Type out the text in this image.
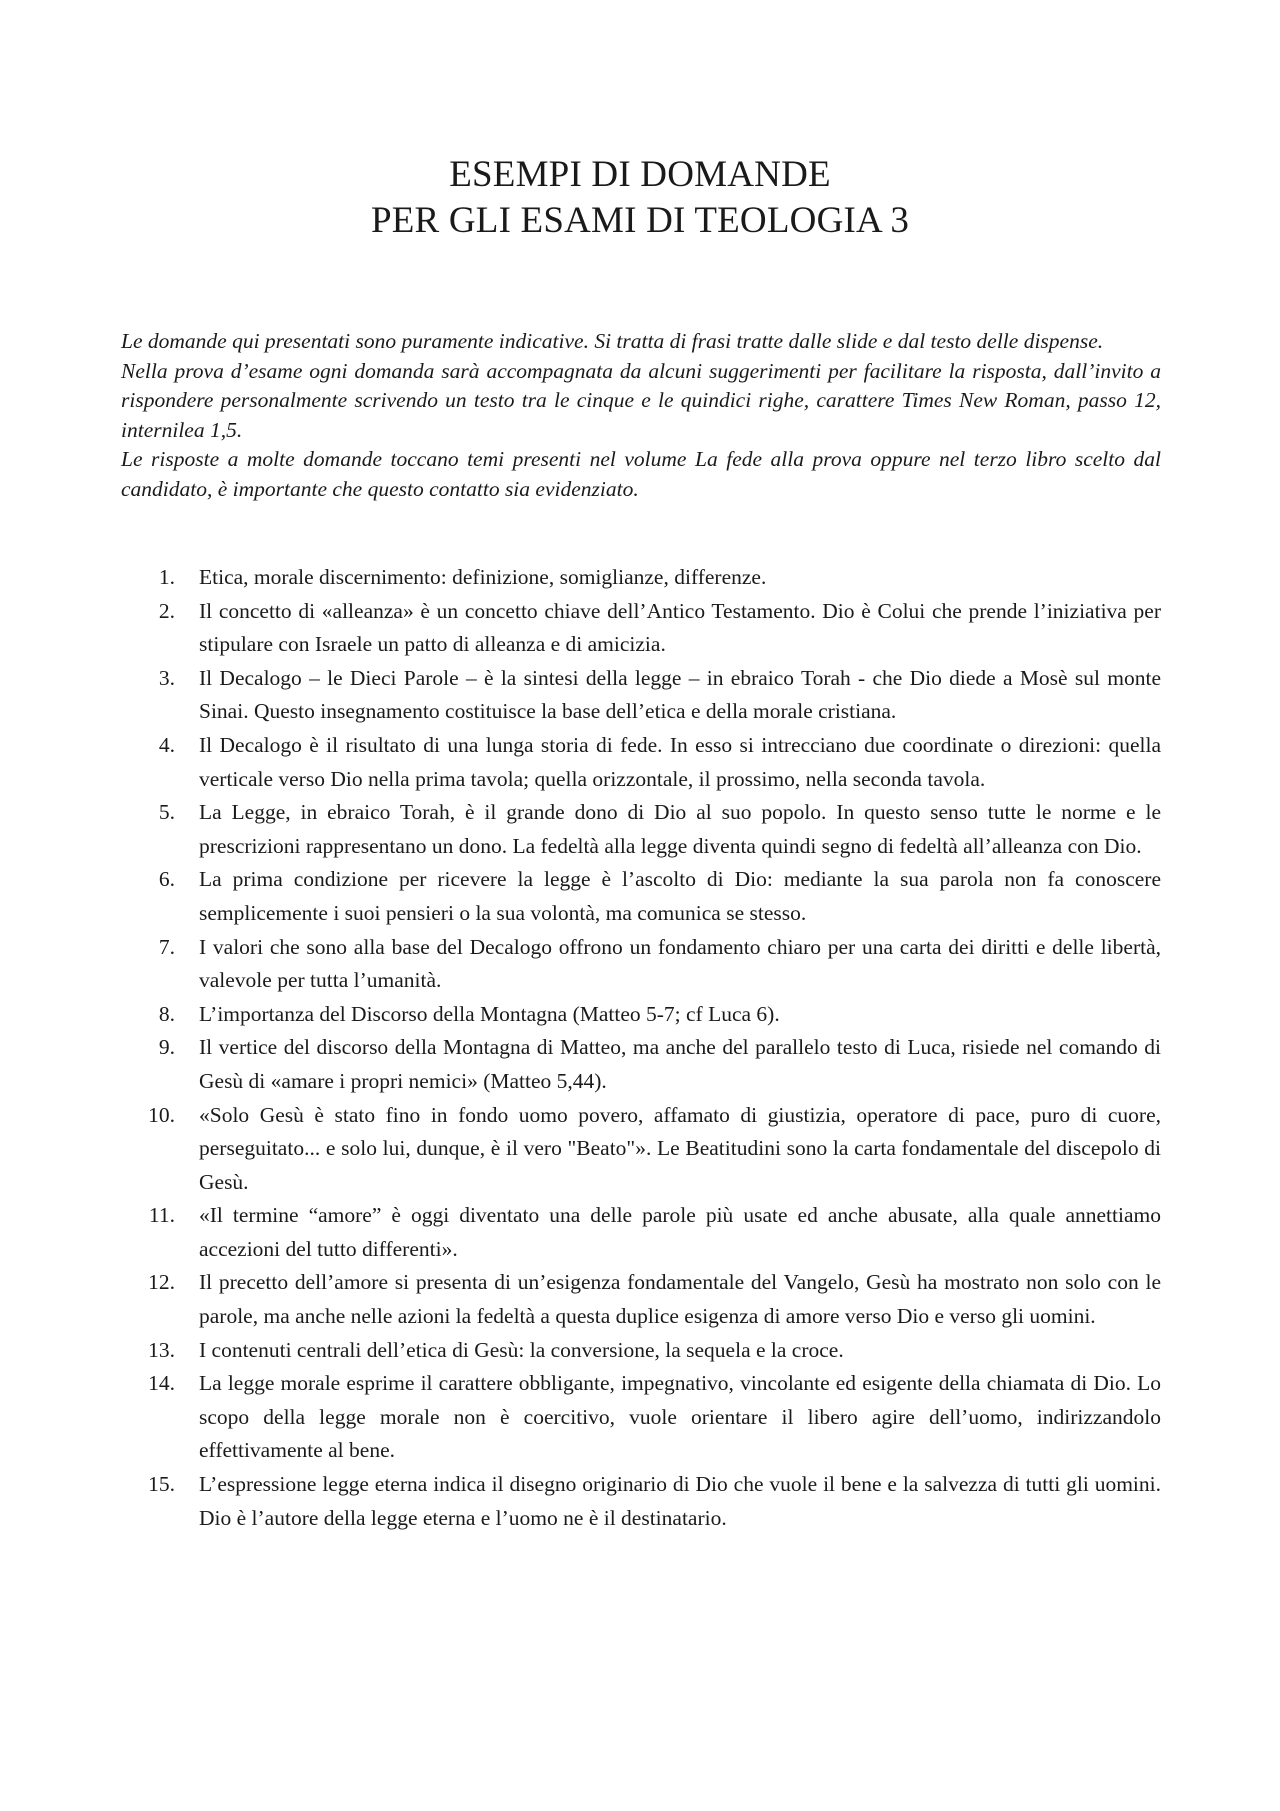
ESEMPI DI DOMANDE
PER GLI ESAMI DI TEOLOGIA 3

Le domande qui presentati sono puramente indicative. Si tratta di frasi tratte dalle slide e dal testo delle dispense.

Nella prova d’esame ogni domanda sarà accompagnata da alcuni suggerimenti per facilitare la risposta, dall’invito a rispondere personalmente scrivendo un testo tra le cinque e le quindici righe, carattere Times New Roman, passo 12, internilea 1,5.

Le risposte a molte domande toccano temi presenti nel volume La fede alla prova oppure nel terzo libro scelto dal candidato, è importante che questo contatto sia evidenziato.

1. Etica, morale discernimento: definizione, somiglianze, differenze.
2. Il concetto di «alleanza» è un concetto chiave dell’Antico Testamento. Dio è Colui che prende l’iniziativa per stipulare con Israele un patto di alleanza e di amicizia.
3. Il Decalogo – le Dieci Parole – è la sintesi della legge – in ebraico Torah - che Dio diede a Mosè sul monte Sinai. Questo insegnamento costituisce la base dell’etica e della morale cristiana.
4. Il Decalogo è il risultato di una lunga storia di fede. In esso si intrecciano due coordinate o direzioni: quella verticale verso Dio nella prima tavola; quella orizzontale, il prossimo, nella seconda tavola.
5. La Legge, in ebraico Torah, è il grande dono di Dio al suo popolo. In questo senso tutte le norme e le prescrizioni rappresentano un dono. La fedeltà alla legge diventa quindi segno di fedeltà all’alleanza con Dio.
6. La prima condizione per ricevere la legge è l’ascolto di Dio: mediante la sua parola non fa conoscere semplicemente i suoi pensieri o la sua volontà, ma comunica se stesso.
7. I valori che sono alla base del Decalogo offrono un fondamento chiaro per una carta dei diritti e delle libertà, valevole per tutta l’umanità.
8. L’importanza del Discorso della Montagna (Matteo 5-7; cf Luca 6).
9. Il vertice del discorso della Montagna di Matteo, ma anche del parallelo testo di Luca, risiede nel comando di Gesù di «amare i propri nemici» (Matteo 5,44).
10. «Solo Gesù è stato fino in fondo uomo povero, affamato di giustizia, operatore di pace, puro di cuore, perseguitato... e solo lui, dunque, è il vero "Beato"». Le Beatitudini sono la carta fondamentale del discepolo di Gesù.
11. «Il termine “amore” è oggi diventato una delle parole più usate ed anche abusate, alla quale annettiamo accezioni del tutto differenti».
12. Il precetto dell’amore si presenta di un’esigenza fondamentale del Vangelo, Gesù ha mostrato non solo con le parole, ma anche nelle azioni la fedeltà a questa duplice esigenza di amore verso Dio e verso gli uomini.
13. I contenuti centrali dell’etica di Gesù: la conversione, la sequela e la croce.
14. La legge morale esprime il carattere obbligante, impegnativo, vincolante ed esigente della chiamata di Dio. Lo scopo della legge morale non è coercitivo, vuole orientare il libero agire dell’uomo, indirizzandolo effettivamente al bene.
15. L’espressione legge eterna indica il disegno originario di Dio che vuole il bene e la salvezza di tutti gli uomini. Dio è l’autore della legge eterna e l’uomo ne è il destinatario.
